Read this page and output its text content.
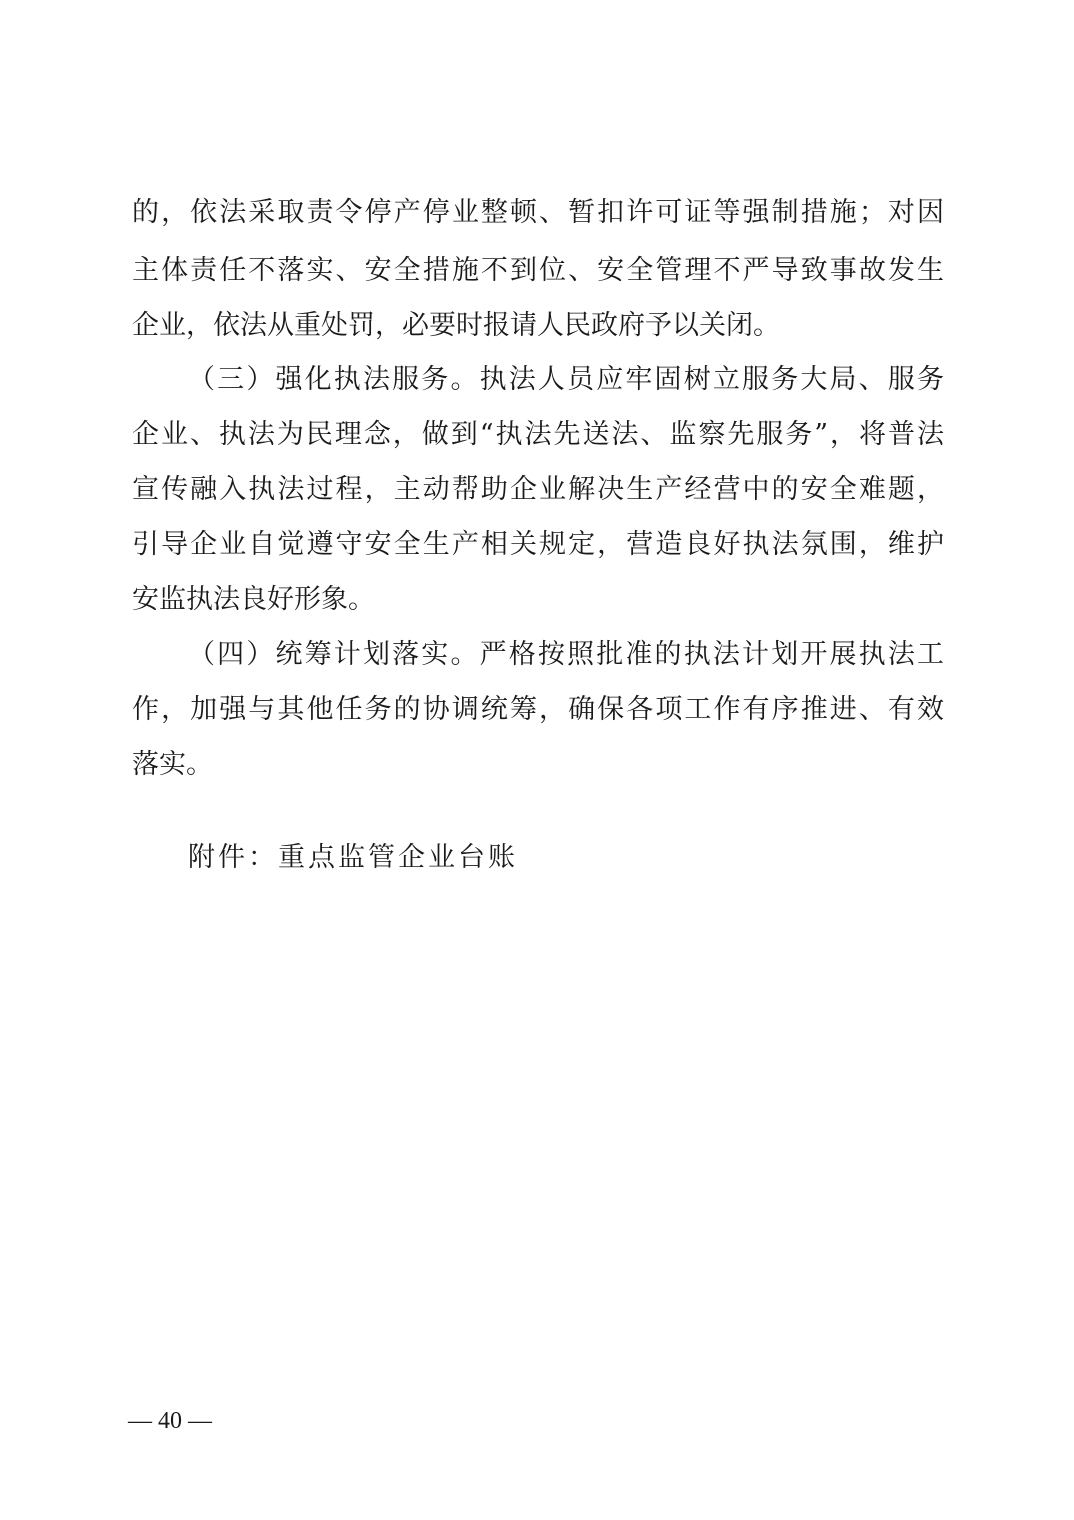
的，依法采取责令停产停业整顿、暂扣许可证等强制措施；对因
主体责任不落实、安全措施不到位、安全管理不严导致事故发生
企业，依法从重处罚，必要时报请人民政府予以关闭。
（三）强化执法服务。执法人员应牢固树立服务大局、服务
企业、执法为民理念，做到“执法先送法、监察先服务”，将普法
宣传融入执法过程，主动帮助企业解决生产经营中的安全难题，
引导企业自觉遵守安全生产相关规定，营造良好执法氛围，维护
安监执法良好形象。
（四）统筹计划落实。严格按照批准的执法计划开展执法工
作，加强与其他任务的协调统筹，确保各项工作有序推进、有效
落实。
附件：重点监管企业台账
— 40 —
